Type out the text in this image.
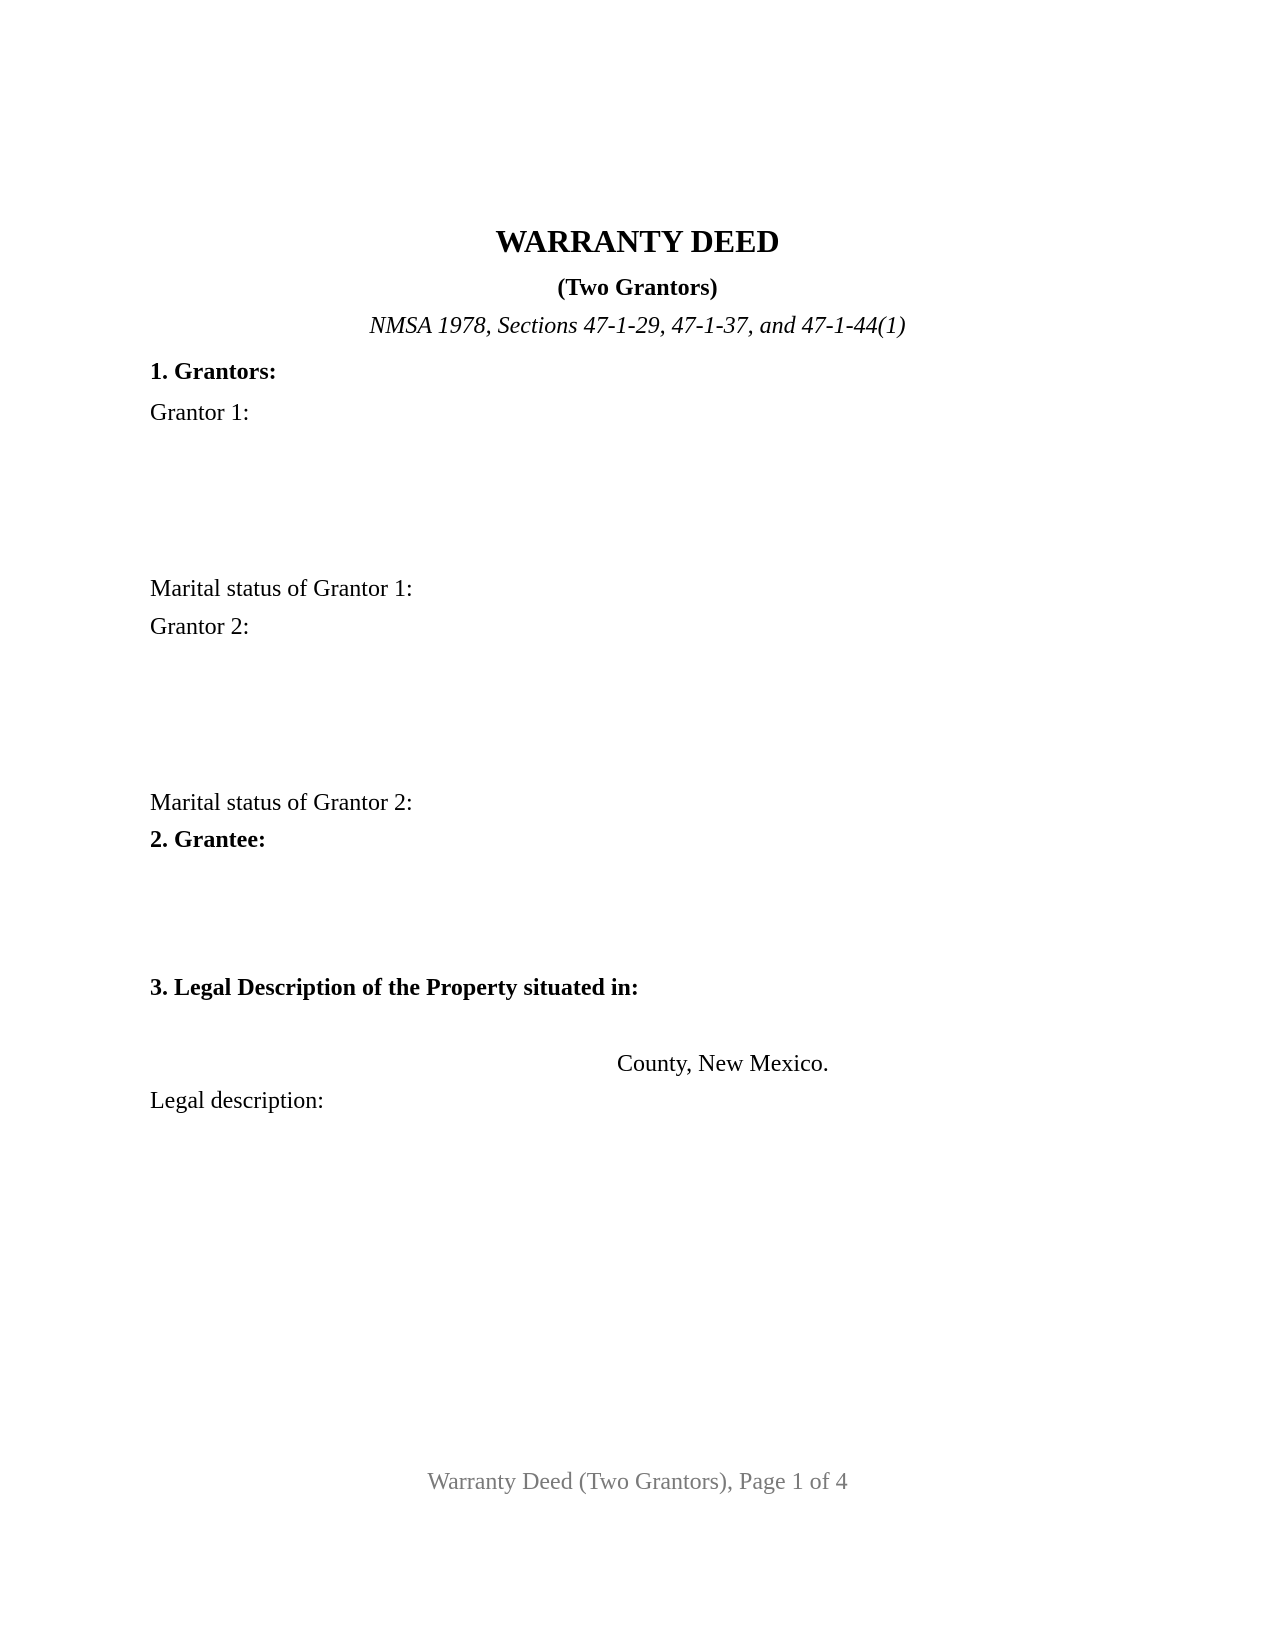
WARRANTY DEED
(Two Grantors)
NMSA 1978, Sections 47-1-29, 47-1-37, and 47-1-44(1)
1. Grantors:
Grantor 1:
Marital status of Grantor 1:
Grantor 2:
Marital status of Grantor 2:
2. Grantee:
3. Legal Description of the Property situated in:
County, New Mexico.
Legal description:
Warranty Deed (Two Grantors), Page 1 of 4
